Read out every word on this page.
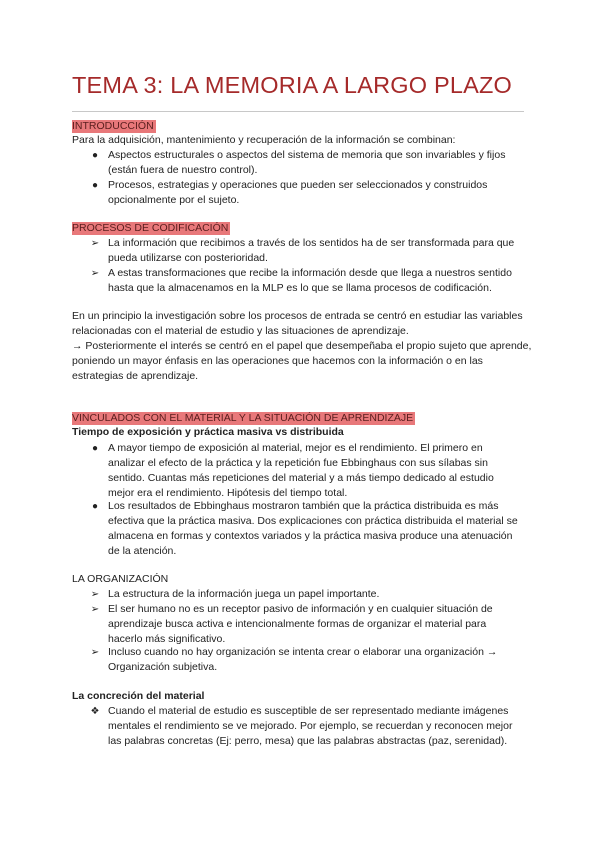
TEMA 3: LA MEMORIA A LARGO PLAZO
INTRODUCCIÓN

Para la adquisición, mantenimiento y recuperación de la información se combinan:

● Aspectos estructurales o aspectos del sistema de memoria que son invariables y fijos (están fuera de nuestro control).
● Procesos, estrategias y operaciones que pueden ser seleccionados y construidos opcionalmente por el sujeto.
PROCESOS DE CODIFICACIÓN
➢ La información que recibimos a través de los sentidos ha de ser transformada para que pueda utilizarse con posterioridad.
➢ A estas transformaciones que recibe la información desde que llega a nuestros sentido hasta que la almacenamos en la MLP es lo que se llama procesos de codificación.

En un principio la investigación sobre los procesos de entrada se centró en estudiar las variables relacionadas con el material de estudio y las situaciones de aprendizaje.

→ Posteriormente el interés se centró en el papel que desempeñaba el propio sujeto que aprende, poniendo un mayor énfasis en las operaciones que hacemos con la información o en las estrategias de aprendizaje.

VINCULADOS CON EL MATERIAL Y LA SITUACIÓN DE APRENDIZAJE

Tiempo de exposición y práctica masiva vs distribuida

● A mayor tiempo de exposición al material, mejor es el rendimiento. El primero en analizar el efecto de la práctica y la repetición fue Ebbinghaus con sus sílabas sin sentido. Cuantas más repeticiones del material y a más tiempo dedicado al estudio mejor era el rendimiento. Hipótesis del tiempo total.
● Los resultados de Ebbinghaus mostraron también que la práctica distribuida es más efectiva que la práctica masiva. Dos explicaciones con práctica distribuida el material se almacena en formas y contextos variados y la práctica masiva produce una atenuación de la atención.

LA ORGANIZACIÓN

➢ La estructura de la información juega un papel importante.
➢ El ser humano no es un receptor pasivo de información y en cualquier situación de aprendizaje busca activa e intencionalmente formas de organizar el material para hacerlo más significativo.
➢ Incluso cuando no hay organización se intenta crear o elaborar una organización → Organización subjetiva.

La concreción del material

❖ Cuando el material de estudio es susceptible de ser representado mediante imágenes mentales el rendimiento se ve mejorado. Por ejemplo, se recuerdan y reconocen mejor las palabras concretas (Ej: perro, mesa) que las palabras abstractas (paz, serenidad).
